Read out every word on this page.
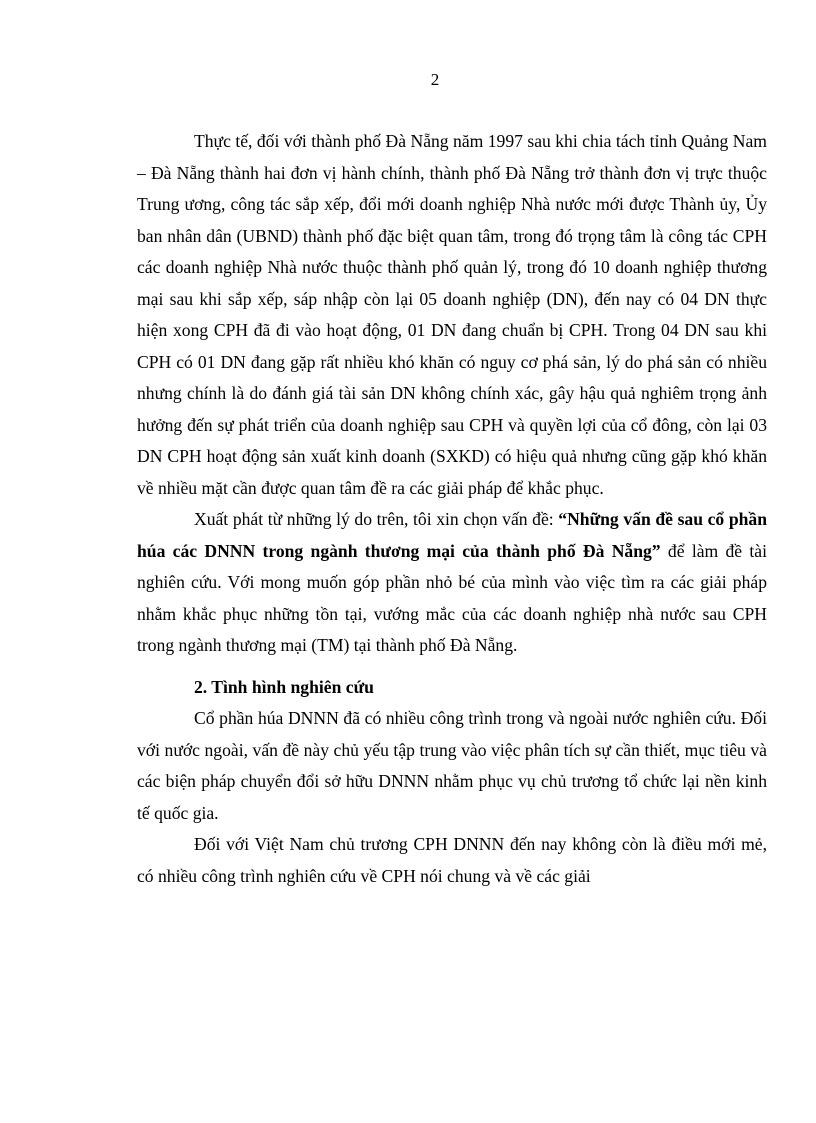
2

Thực tế, đối với thành phố Đà Nẵng năm 1997 sau khi chia tách tỉnh Quảng Nam – Đà Nẵng thành hai đơn vị hành chính, thành phố Đà Nẵng trở thành đơn vị trực thuộc Trung ương, công tác sắp xếp, đổi mới doanh nghiệp Nhà nước mới được Thành ủy, Ủy ban nhân dân (UBND) thành phố đặc biệt quan tâm, trong đó trọng tâm là công tác CPH các doanh nghiệp Nhà nước thuộc thành phố quản lý, trong đó 10 doanh nghiệp thương mại sau khi sắp xếp, sáp nhập còn lại 05 doanh nghiệp (DN), đến nay có 04 DN thực hiện xong CPH đã đi vào hoạt động, 01 DN đang chuẩn bị CPH. Trong 04 DN sau khi CPH có 01 DN đang gặp rất nhiều khó khăn có nguy cơ phá sản, lý do phá sản có nhiều nhưng chính là do đánh giá tài sản DN không chính xác, gây hậu quả nghiêm trọng ảnh hưởng đến sự phát triển của doanh nghiệp sau CPH và quyền lợi của cổ đông, còn lại 03 DN CPH hoạt động sản xuất kinh doanh (SXKD) có hiệu quả nhưng cũng gặp khó khăn về nhiều mặt cần được quan tâm đề ra các giải pháp để khắc phục.

Xuất phát từ những lý do trên, tôi xin chọn vấn đề: “Những vấn đề sau cổ phần húa các DNNN trong ngành thương mại của thành phố Đà Nẵng” để làm đề tài nghiên cứu. Với mong muốn góp phần nhỏ bé của mình vào việc tìm ra các giải pháp nhằm khắc phục những tồn tại, vướng mắc của các doanh nghiệp nhà nước sau CPH trong ngành thương mại (TM) tại thành phố Đà Nẵng.

2. Tình hình nghiên cứu

Cổ phần húa DNNN đã có nhiều công trình trong và ngoài nước nghiên cứu. Đối với nước ngoài, vấn đề này chủ yếu tập trung vào việc phân tích sự cần thiết, mục tiêu và các biện pháp chuyển đổi sở hữu DNNN nhằm phục vụ chủ trương tổ chức lại nền kinh tế quốc gia.

Đối với Việt Nam chủ trương CPH DNNN đến nay không còn là điều mới mẻ, có nhiều công trình nghiên cứu về CPH nói chung và về các giải
